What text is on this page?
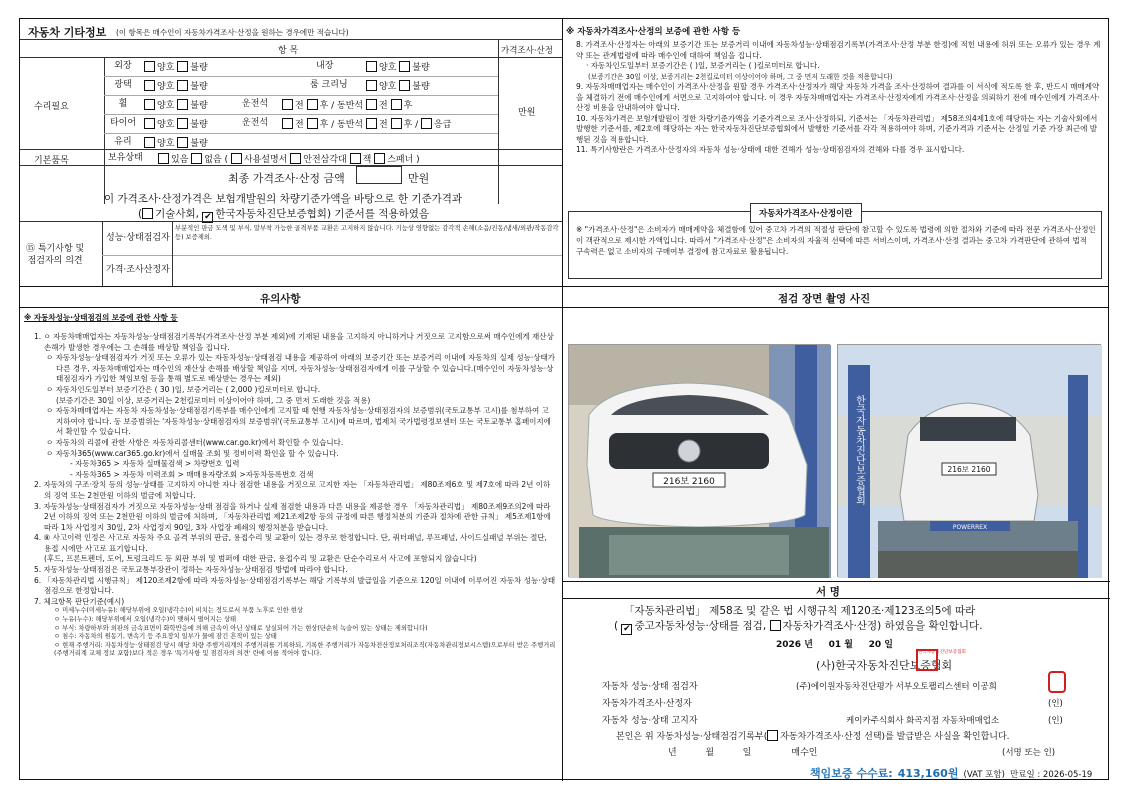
자동차 기타정보 (이 항목은 매수인이 자동차가격조사·산정을 원하는 경우에만 적습니다)
항 목	가격조사·산정
수리필요
만원
외장	양호 불량	내장	양호 불량
광택	양호 불량	룸 크리닝	양호 불량
휠	양호 불량	운전석	전 후 / 동반석 전 후
타이어	양호 불량	운전석	전 후 / 동반석 전 후 / 응급
유리	양호 불량
기본품목	보유상태	있음 없음 ( 사용설명서 안전삼각대 잭 스패너 )
최종 가격조사·산정 금액	만원
이 가격조사·산정가격은 보험개발원의 차량기준가액을 바탕으로 한 기준가격과
( 기술사회, ✔ 한국자동차진단보증협회) 기준서를 적용하였음
⑮ 특기사항 및
점검자의 의견
성능·상태점검자
부분적인 판금 도색 및 부식, 말부착 가능한 골격부품 교환은 고지하지 않습니다. 기능상 영향없는 감각적 손해(소음/진동/냄새/외관/작동감각 등) 보증제외.
가격·조사산정자
※ 자동차가격조사·산정의 보증에 관한 사항 등

8. 가격조사·산정자는 아래의 보증기간 또는 보증거리 이내에 자동차성능·상태점검기록부(가격조사·산정 부분 한정)에 적힌 내용에 허위 또는 오류가 있는 경우 계약 또는 관계법령에 따라 매수인에 대하여 책임을 집니다.

· 자동차인도일부터 보증기간은 ( )일, 보증거리는 ( )킬로미터로 합니다.

(보증기간은 30일 이상, 보증거리는 2천킬로미터 이상이어야 하며, 그 중 먼저 도래한 것을 적용합니다)

9. 자동차매매업자는 매수인이 가격조사·산정을 원할 경우 가격조사·산정자가 해당 자동차 가격을 조사·산정하여 결과를 이 서식에 적도록 한 후, 반드시 매매계약을 체결하기 전에 매수인에게 서면으로 고지하여야 합니다. 이 경우 자동차매매업자는 가격조사·산정자에게 가격조사·산정을 의뢰하기 전에 매수인에게 가격조사·산정 비용을 안내하여야 합니다.

10. 자동차가격은 보험개발원이 정한 차량기준가액을 기준가격으로 조사·산정하되, 기준서는 「자동차관리법」 제58조의4제1호에 해당하는 자는 기술사회에서 발행한 기준서를, 제2호에 해당하는 자는 한국자동차진단보증협회에서 발행한 기준서를 각각 적용하여야 하며, 기준가격과 기준서는 산정일 기준 가장 최근에 발행된 것을 적용합니다.

11. 특기사항란은 가격조사·산정자의 자동차 성능·상태에 대한 견해가 성능·상태점검자의 견해와 다를 경우 표시합니다.

자동차가격조사·산정이란
※ "가격조사·산정"은 소비자가 매매계약을 체결함에 있어 중고차 가격의 적절성 판단에 참고할 수 있도록 법령에 의한 절차와 기준에 따라 전문 가격조사·산정인이 객관적으로 제시한 가액입니다. 따라서 "가격조사·산정"은 소비자의 자율적 선택에 따른 서비스이며, 가격조사·산정 결과는 중고차 가격판단에 관하여 법적 구속력은 없고 소비자의 구매여부 결정에 참고자료로 활용됩니다.
유의사항
※ 자동차성능·상태점검의 보증에 관한 사항 등

1. ㅇ 자동차매매업자는 자동차성능·상태점검기록부(가격조사·산정 부분 제외)에 기재된 내용을 고지하지 아니하거나 거짓으로 고지함으로써 매수인에게 재산상 손해가 발생한 경우에는 그 손해를 배상할 책임을 집니다.

ㅇ 자동차성능·상태점검자가 거짓 또는 오류가 있는 자동차성능·상태점검 내용을 제공하여 아래의 보증기간 또는 보증거리 이내에 자동차의 실제 성능·상태가 다른 경우, 자동차매매업자는 매수인의 재산상 손해를 배상할 책임을 지며, 자동차성능·상태점검자에게 이를 구상할 수 있습니다.(매수인이 자동차성능·상태점검자가 가입한 책임보험 등을 통해 별도로 배상받는 경우는 제외)

ㅇ 자동차인도일부터 보증기간은 ( 30 )일, 보증거리는 ( 2,000 )킬로미터로 합니다.

(보증기간은 30일 이상, 보증거리는 2천킬로미터 이상이어야 하며, 그 중 먼저 도래한 것을 적용)

ㅇ 자동차매매업자는 자동차 자동차성능·상태점검기록부를 매수인에게 고지할 때 현행 자동차성능·상태점검자의 보증범위(국토교통부 고시)를 첨부하여 고지하여야 합니다. 동 보증범위는 '자동차성능·상태점검자의 보증범위'(국토교통부 고시)에 따르며, 법제처 국가법령정보센터 또는 국토교통부 홈페이지에서 확인할 수 있습니다.

ㅇ 자동차의 리콜에 관한 사항은 자동차리콜센터(www.car.go.kr)에서 확인할 수 있습니다.

ㅇ 자동차365(www.car365.go.kr)에서 실매물 조회 및 정비이력 확인을 할 수 있습니다.

- 자동차365 > 자동차 실매물검색 > 차량번호 입력

- 자동차365 > 자동차 이력조회 > 매매용자량조회 >자동차등록번호 검색

2. 자동차의 구조·장치 등의 성능·상태를 고지하지 아니한 자나 점검한 내용을 거짓으로 고지한 자는 「자동차관리법」 제80조제6호 및 제7호에 따라 2년 이하의 징역 또는 2천만원 이하의 벌금에 처합니다.

3. 자동차성능·상태점검자가 거짓으로 자동차성능·상태 점검을 하거나 실제 점검한 내용과 다른 내용을 제공한 경우 「자동차관리법」 제80조제9조의2에 따라 2년 이하의 징역 또는 2천만원 이하의 벌금에 처하며, 「자동차관리법 제21조제2항 등의 규정에 따른 행정처분의 기준과 절차에 관한 규칙」 제5조제1항에 따라 1차 사업정지 30일, 2차 사업정지 90일, 3차 사업장 폐쇄의 행정처분을 받습니다.

4. ⑧ 사고이력 인정은 사고로 자동차 주요 골격 부위의 판금, 용접수리 및 교환이 있는 경우로 한정합니다. 단, 쿼터패널, 루프패널, 사이드실패널 부위는 절단, 용접 시에만 사고로 표기합니다.

(후드, 프론트펜더, 도어, 트렁크리드 등 외판 부위 및 범퍼에 대한 판금, 용접수리 및 교환은 단순수리로서 사고에 포함되지 않습니다)

5. 자동차성능·상태점검은 국토교통부장관이 정하는 자동차성능·상태점검 방법에 따라야 합니다.

6. 「자동차관리법 시행규칙」 제120조제2항에 따라 자동차성능·상태점검기록부는 해당 기록부의 발급일을 기준으로 120일 이내에 이루어진 자동차 성능·상태점검으로 한정합니다.

7. 체크항목 판단기준(예시)

ㅇ 미세누수(미세누유): 해당부위에 오일(냉각수)이 비치는 정도로서 부품 노후로 인한 현상

ㅇ 누유(누수): 해당부위에서 오일(냉각수)이 맺혀서 떨어지는 상태

ㅇ 부식: 차량하부와 외판의 금속표면이 화학반응에 의해 금속이 아닌 상태로 상실되어 가는 현상(단순히 녹슬어 있는 상태는 제외합니다)

ㅇ 침수: 자동차의 원동기, 변속기 등 주요장치 일부가 물에 잠긴 흔적이 있는 상태

ㅇ 현재 주행거리: 자동차성능·상태점검 당시 해당 차량 주행거리계의 주행거리를 기록하되, 기록한 주행거리가 자동차전산정보처리조직(자동차관리정보시스템)으로부터 받은 주행거리(주행거리계 교체 정보 포함)보다 적은 경우 '특기사항 및 점검자의 의견' 란에 이를 적어야 합니다.

점검 장면 촬영 사진
216보 2160	한국자동차진단보증협회	216보 2160
POWERREX
서 명
「자동차관리법」 제58조 및 같은 법 시행규칙 제120조·제123조의5에 따라
( ✔ 중고자동차성능·상태를 점검, 자동차가격조사·산정) 하였음을 확인합니다.
2026 년 01 월 20 일
(사)한국자동차진단보증협회
한국자동차진단보증협회
자동차 성능·상태 점검자	(주)에이원자동차진단평가 서부오토팰리스센터 이공희
자동차가격조사·산정자	(인)
자동차 성능·상태 고지자	케이카주식회사 화곡지점 자동차매매업소	(인)
본인은 위 자동차성능·상태점검기록부( 자동차가격조사·산정 선택)를 발급받은 사실을 확인합니다.
년	월	일	매수인	(서명 또는 인)
책임보증 수수료: 413,160원 (VAT 포함) 만료일 : 2026-05-19
